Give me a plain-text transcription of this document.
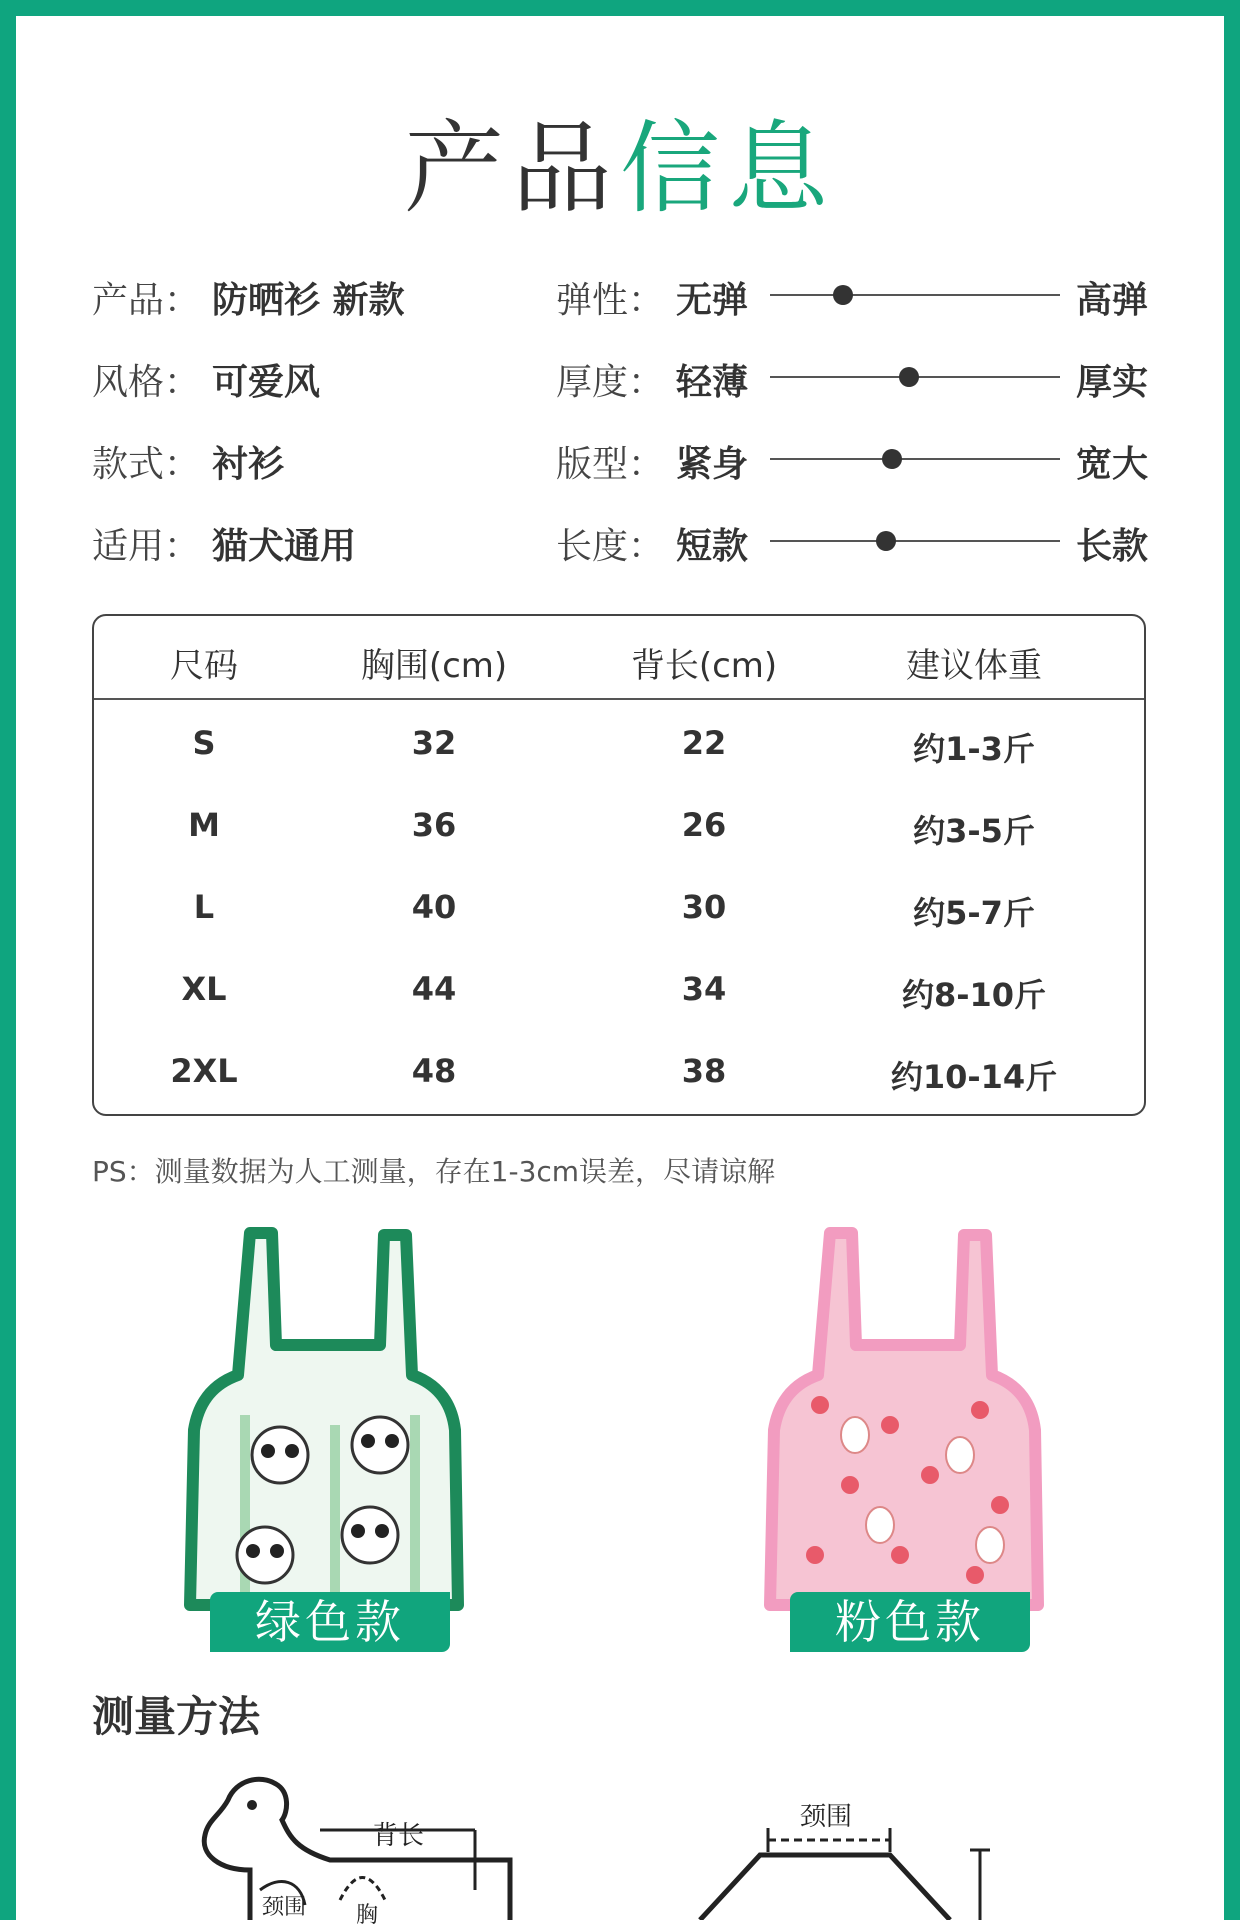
产品信息
产品： 防晒衫 新款
风格： 可爱风
款式： 衬衫
适用： 猫犬通用
弹性： 无弹	高弹
厚度： 轻薄	厚实
版型： 紧身	宽大
长度： 短款	长款
尺码	胸围(cm)	背长(cm)	建议体重
S	32	22	约1-3斤
M	36	26	约3-5斤
L	40	30	约5-7斤
XL	44	34	约8-10斤
2XL	48	38	约10-14斤
PS：测量数据为人工测量，存在1-3cm误差，尽请谅解
绿色款	粉色款
测量方法
背长
颈围 胸
颈围
